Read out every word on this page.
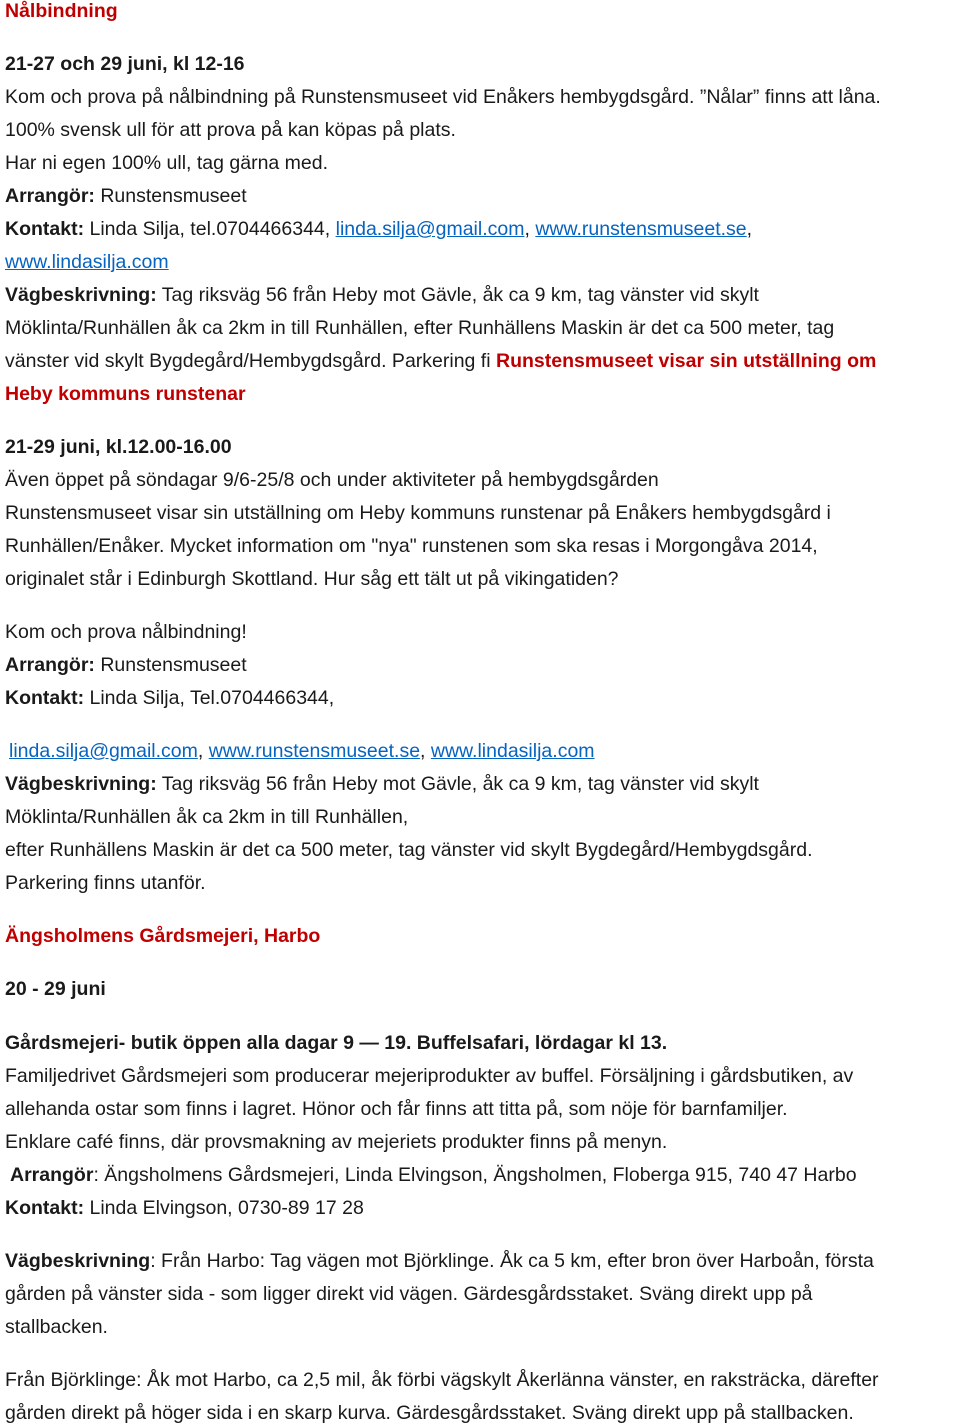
Nålbindning
21-27 och 29 juni, kl 12-16
Kom och prova på nålbindning på Runstensmuseet vid Enåkers hembygdsgård. ”Nålar” finns att låna.
100% svensk ull för att prova på kan köpas på plats.
Har ni egen 100% ull, tag gärna med.
Arrangör: Runstensmuseet
Kontakt: Linda Silja, tel.0704466344, linda.silja@gmail.com, www.runstensmuseet.se,
www.lindasilja.com
Vägbeskrivning: Tag riksväg 56 från Heby mot Gävle, åk ca 9 km, tag vänster vid skylt
Möklinta/Runhällen åk ca 2km in till Runhällen, efter Runhällens Maskin är det ca 500 meter, tag
vänster vid skylt Bygdegård/Hembygdsgård. Parkering fi Runstensmuseet visar sin utställning om
Heby kommuns runstenar
21-29 juni, kl.12.00-16.00
Även öppet på söndagar 9/6-25/8 och under aktiviteter på hembygdsgården
Runstensmuseet visar sin utställning om Heby kommuns runstenar på Enåkers hembygdsgård i
Runhällen/Enåker. Mycket information om "nya" runstenen som ska resas i Morgongåva 2014,
originalet står i Edinburgh Skottland. Hur såg ett tält ut på vikingatiden?
Kom och prova nålbindning!
Arrangör: Runstensmuseet
Kontakt: Linda Silja, Tel.0704466344,
linda.silja@gmail.com, www.runstensmuseet.se, www.lindasilja.com
Vägbeskrivning: Tag riksväg 56 från Heby mot Gävle, åk ca 9 km, tag vänster vid skylt
Möklinta/Runhällen åk ca 2km in till Runhällen,
efter Runhällens Maskin är det ca 500 meter, tag vänster vid skylt Bygdegård/Hembygdsgård.
Parkering finns utanför.
Ängsholmens Gårdsmejeri, Harbo
20 - 29 juni
Gårdsmejeri- butik öppen alla dagar 9 — 19. Buffelsafari, lördagar kl 13.
Familjedrivet Gårdsmejeri som producerar mejeriprodukter av buffel. Försäljning i gårdsbutiken, av
allehanda ostar som finns i lagret. Hönor och får finns att titta på, som nöje för barnfamiljer.
Enklare café finns, där provsmakning av mejeriets produkter finns på menyn.
Arrangör: Ängsholmens Gårdsmejeri, Linda Elvingson, Ängsholmen, Floberga 915, 740 47 Harbo
Kontakt: Linda Elvingson, 0730-89 17 28
Vägbeskrivning: Från Harbo: Tag vägen mot Björklinge. Åk ca 5 km, efter bron över Harboån, första
gården på vänster sida - som ligger direkt vid vägen. Gärdesgårdsstaket. Sväng direkt upp på
stallbacken.
Från Björklinge: Åk mot Harbo, ca 2,5 mil, åk förbi vägskylt Åkerlänna vänster, en raksträcka, därefter
gården direkt på höger sida i en skarp kurva. Gärdesgårdsstaket. Sväng direkt upp på stallbacken.
